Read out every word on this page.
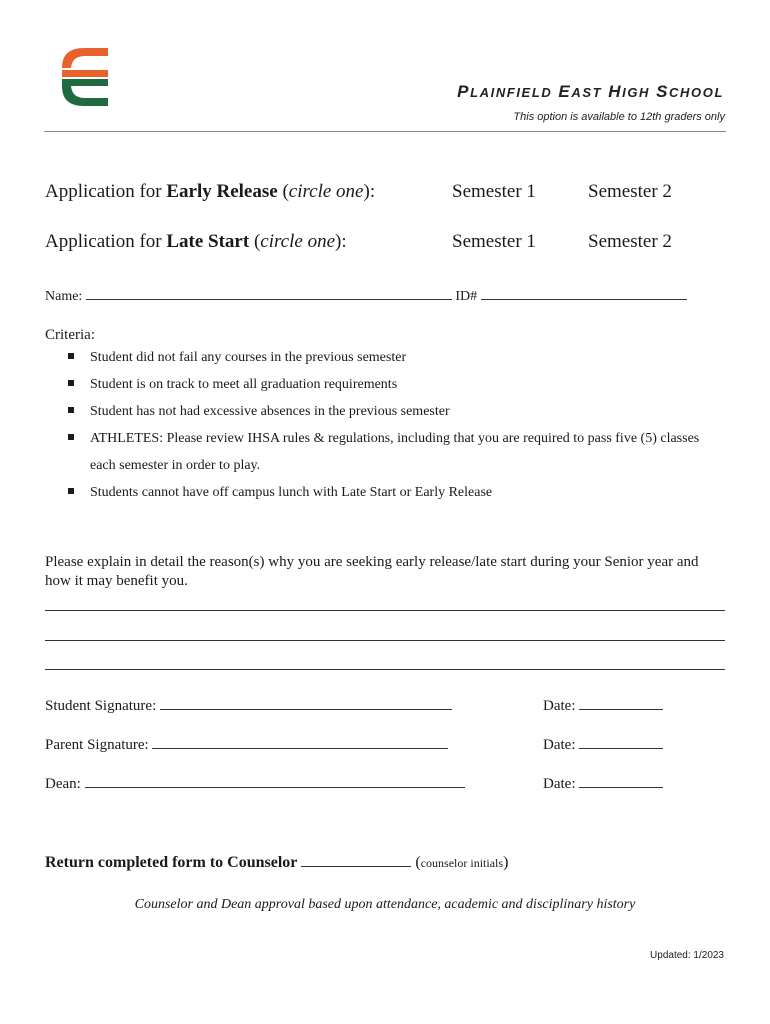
PLAINFIELD EAST HIGH SCHOOL
This option is available to 12th graders only
Application for Early Release (circle one):	Semester 1	Semester 2
Application for Late Start (circle one):	Semester 1	Semester 2
Name:	ID#
Criteria:
Student did not fail any courses in the previous semester
Student is on track to meet all graduation requirements
Student has not had excessive absences in the previous semester
ATHLETES: Please review IHSA rules & regulations, including that you are required to pass five (5) classes each semester in order to play.
Students cannot have off campus lunch with Late Start or Early Release
Please explain in detail the reason(s) why you are seeking early release/late start during your Senior year and how it may benefit you.
Student Signature:	Date:
Parent Signature:	Date:
Dean:	Date:
Return completed form to Counselor	(counselor initials)
Counselor and Dean approval based upon attendance, academic and disciplinary history
Updated: 1/2023
